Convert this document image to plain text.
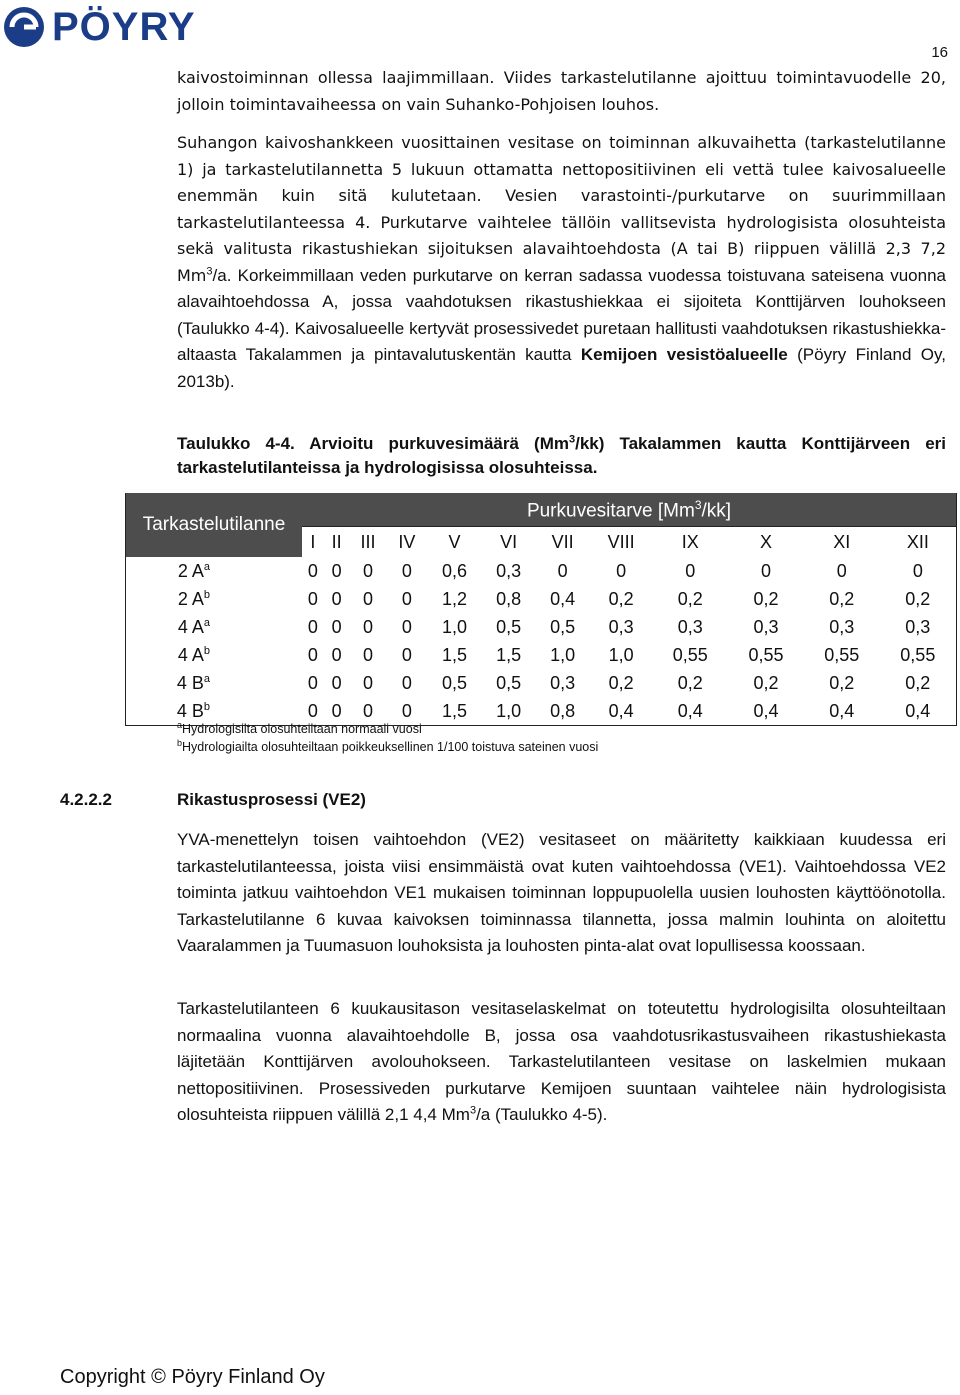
PÖYRY
16

kaivostoiminnan ollessa laajimmillaan. Viides tarkastelutilanne ajoittuu toimintavuodelle 20, jolloin toimintavaiheessa on vain Suhanko-Pohjoisen louhos.

Suhangon kaivoshankkeen vuosittainen vesitase on toiminnan alkuvaihetta (tarkastelutilanne 1) ja tarkastelutilannetta 5 lukuun ottamatta nettopositiivinen eli vettä tulee kaivosalueelle enemmän kuin sitä kulutetaan. Vesien varastointi-/purkutarve on suurimmillaan tarkastelutilanteessa 4. Purkutarve vaihtelee tällöin vallitsevista hydrologisista olosuhteista sekä valitusta rikastushiekan sijoituksen alavaihtoehdosta (A tai B) riippuen välillä 2,3 7,2 Mm$^3$/a. Korkeimmillaan veden purkutarve on kerran sadassa vuodessa toistuvana sateisena vuonna alavaihtoehdossa A, jossa vaahdotuksen rikastushiekkaa ei sijoiteta Konttijärven louhokseen (Taulukko 4-4). Kaivosalueelle kertyvät prosessivedet puretaan hallitusti vaahdotuksen rikastushiekka-altaasta Takalammen ja pintavalutuskentän kautta Kemijoen vesistöalueelle (Pöyry Finland Oy, 2013b).

Taulukko 4-4. Arvioitu purkuvesimäärä (Mm$^3$/kk) Takalammen kautta Konttijärveen eri tarkastelutilanteissa ja hydrologisissa olosuhteissa.

Tarkastelutilanne	Purkuvesitarve [Mm$^3$/kk]											
	I	II	III	IV	V	VI	VII	VIII	IX	X	XI	XII
2 $A^a$	0	0	0	0	0,6	0,3	0	0	0	0	0	0
2 $A^b$	0	0	0	0	1,2	0,8	0,4	0,2	0,2	0,2	0,2	0,2
4 $A^a$	0	0	0	0	1,0	0,5	0,5	0,3	0,3	0,3	0,3	0,3
4 $A^b$	0	0	0	0	1,5	1,5	1,0	1,0	0,55	0,55	0,55	0,55
4 $B^a$	0	0	0	0	0,5	0,5	0,3	0,2	0,2	0,2	0,2	0,2
4 $B^b$	0	0	0	0	1,5	1,0	0,8	0,4	0,4	0,4	0,4	0,4
$^a$Hydrologisilta olosuhteiltaan normaali vuosi
$^b$Hydrologiailta olosuhteiltaan poikkeuksellinen 1/100 toistuva sateinen vuosi
4.2.2.2	Rikastusprosessi (VE2)

YVA-menettelyn toisen vaihtoehdon (VE2) vesitaseet on määritetty kaikkiaan kuudessa eri tarkastelutilanteessa, joista viisi ensimmäistä ovat kuten vaihtoehdossa (VE1). Vaihtoehdossa VE2 toiminta jatkuu vaihtoehdon VE1 mukaisen toiminnan loppupuolella uusien louhosten käyttöönotolla. Tarkastelutilanne 6 kuvaa kaivoksen toiminnassa tilannetta, jossa malmin louhinta on aloitettu Vaaralammen ja Tuumasuon louhoksista ja louhosten pinta-alat ovat lopullisessa koossaan.

Tarkastelutilanteen 6 kuukausitason vesitaselaskelmat on toteutettu hydrologisilta olosuhteiltaan normaalina vuonna alavaihtoehdolle B, jossa osa vaahdotusrikastusvaiheen rikastushiekasta läjitetään Konttijärven avolouhokseen. Tarkastelutilanteen vesitase on laskelmien mukaan nettopositiivinen. Prosessiveden purkutarve Kemijoen suuntaan vaihtelee näin hydrologisista olosuhteista riippuen välillä 2,1 4,4 Mm$^3$/a (Taulukko 4-5).

Copyright © Pöyry Finland Oy
